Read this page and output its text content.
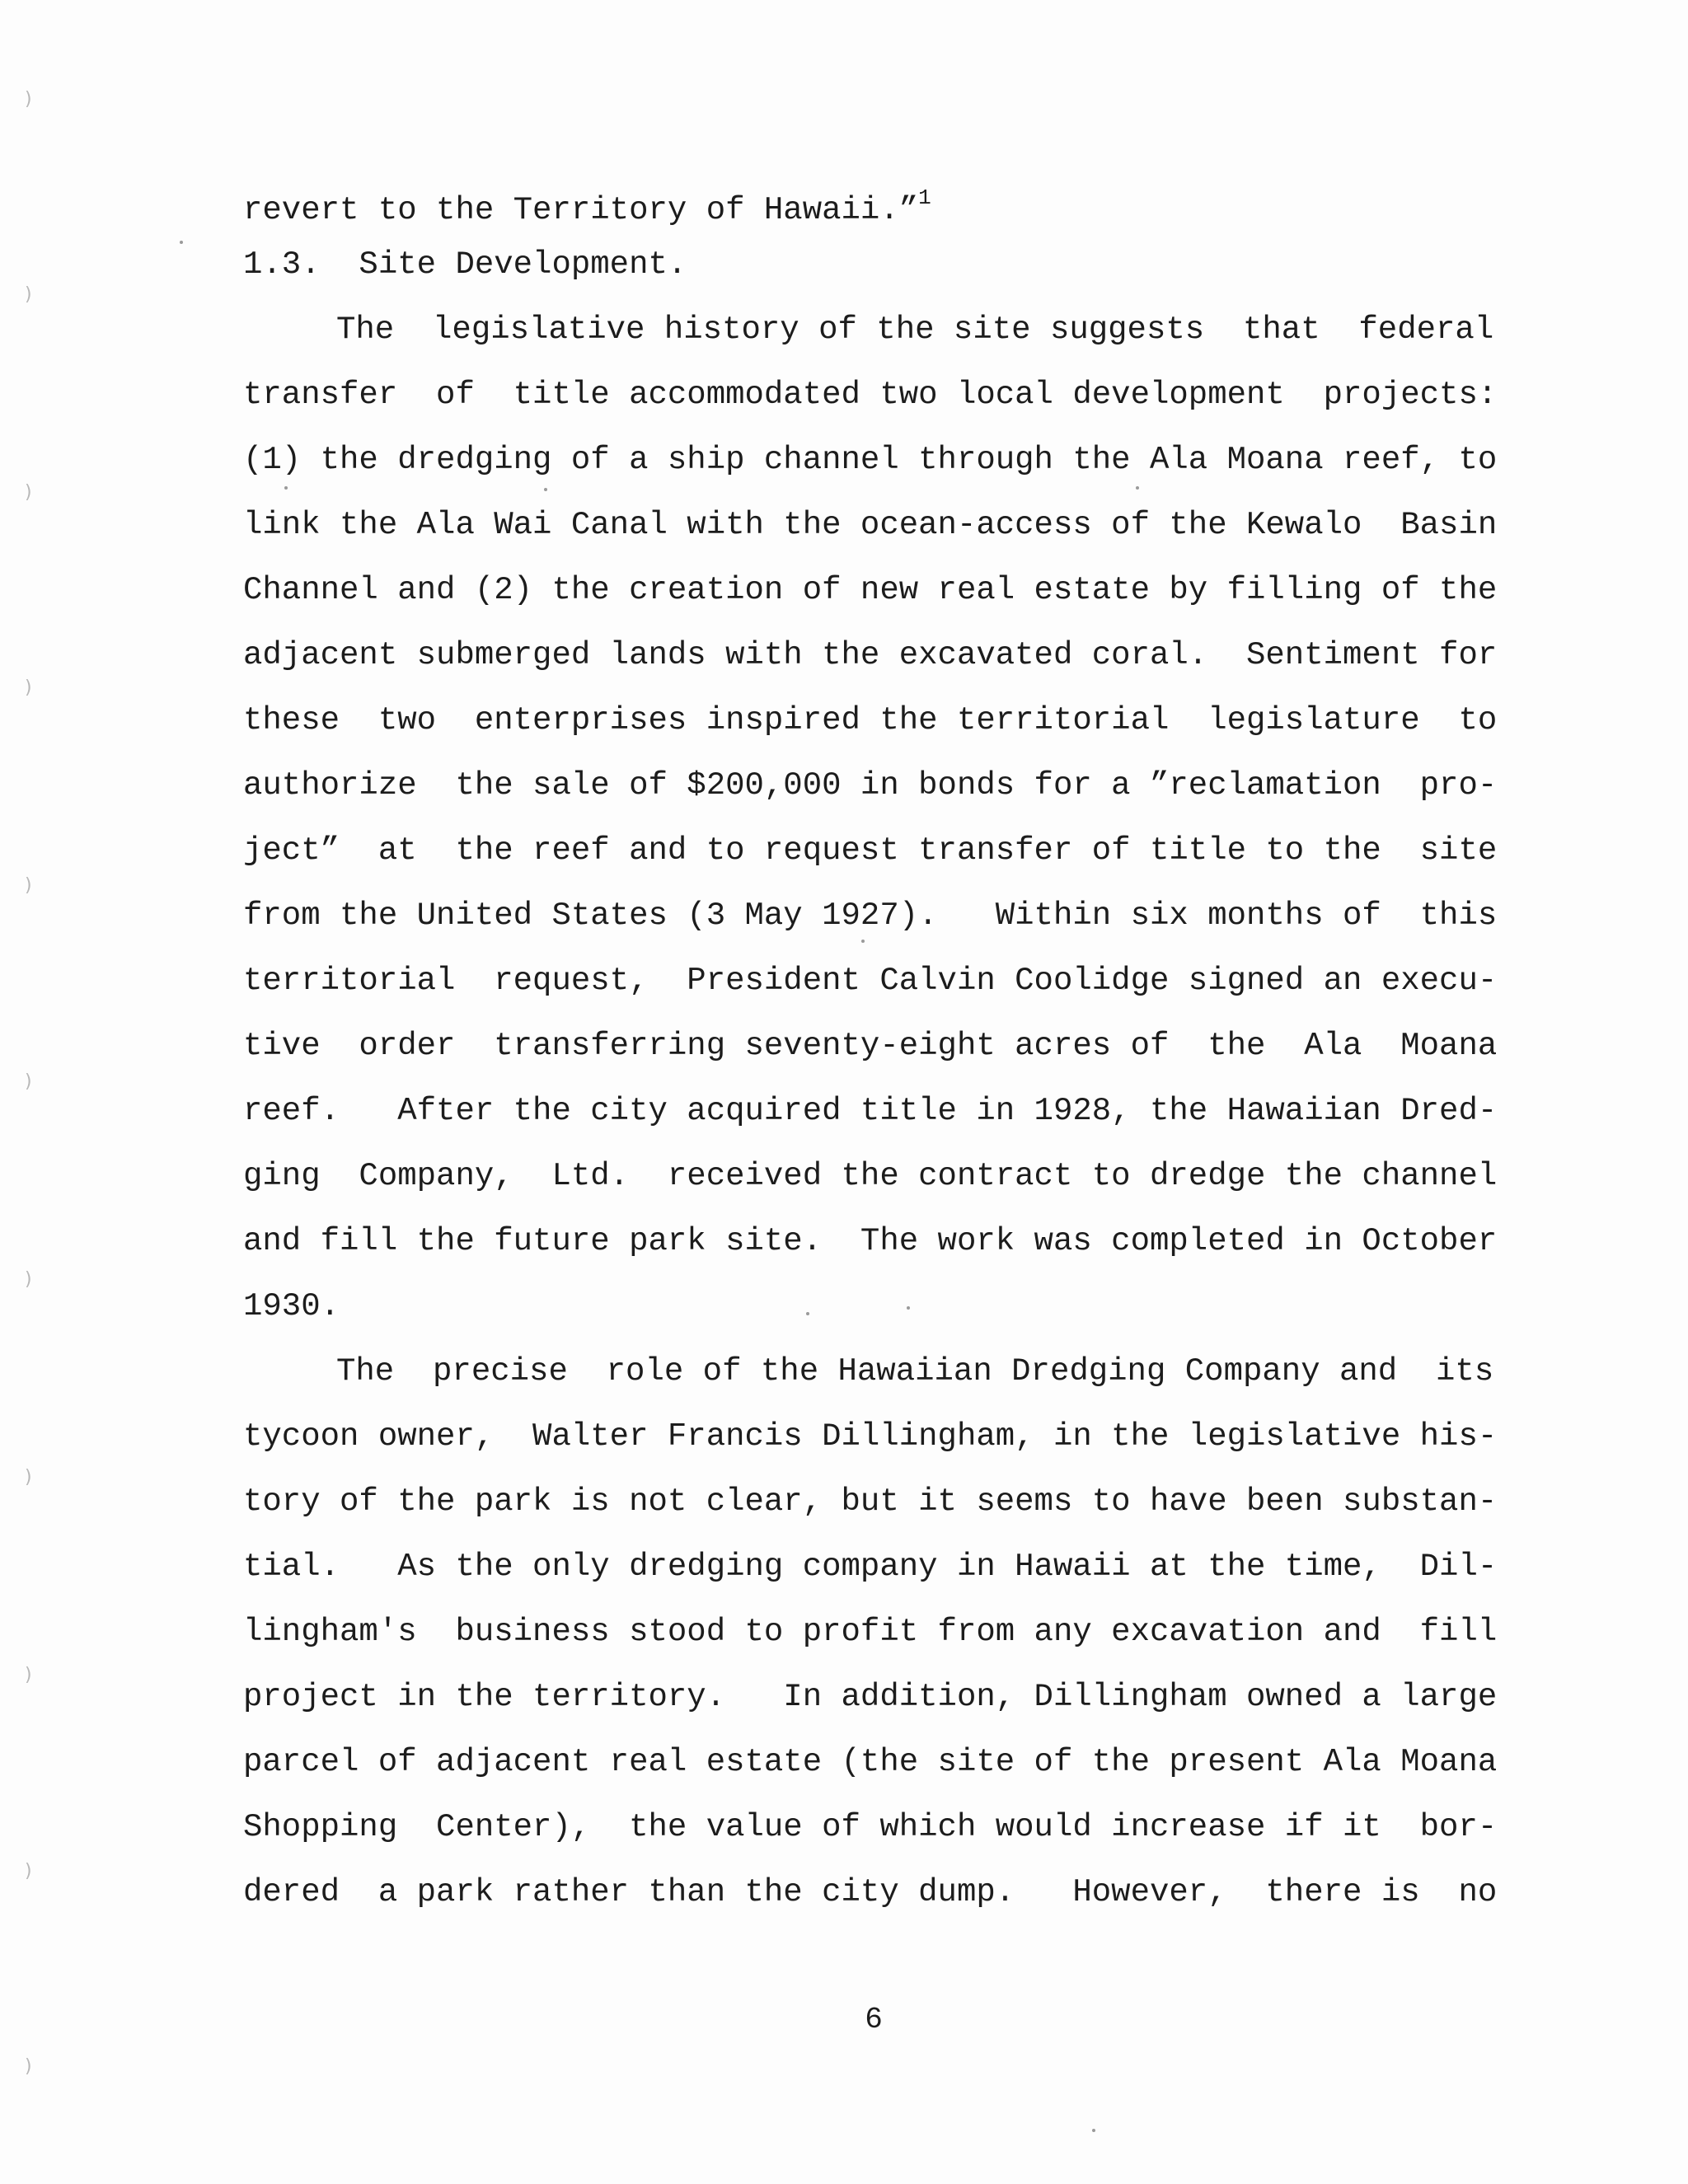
)
)
)
)
)
)
)
)
)
)
)
revert to the Territory of Hawaii.”$^1$
1.3.  Site Development.
The  legislative history of the site suggests  that  federal
transfer  of  title accommodated two local development  projects:
(1) the dredging of a ship channel through the Ala Moana reef, to
link the Ala Wai Canal with the ocean-access of the Kewalo  Basin
Channel and (2) the creation of new real estate by filling of the
adjacent submerged lands with the excavated coral.  Sentiment for
these  two  enterprises inspired the territorial  legislature  to
authorize  the sale of $200,000 in bonds for a ”reclamation  pro-
ject”  at  the reef and to request transfer of title to the  site
from the United States (3 May 1927).   Within six months of  this
territorial  request,  President Calvin Coolidge signed an execu-
tive  order  transferring seventy-eight acres of  the  Ala  Moana
reef.   After the city acquired title in 1928, the Hawaiian Dred-
ging  Company,  Ltd.  received the contract to dredge the channel
and fill the future park site.  The work was completed in October
1930.
The  precise  role of the Hawaiian Dredging Company and  its
tycoon owner,  Walter Francis Dillingham, in the legislative his-
tory of the park is not clear, but it seems to have been substan-
tial.   As the only dredging company in Hawaii at the time,  Dil-
lingham's  business stood to profit from any excavation and  fill
project in the territory.   In addition, Dillingham owned a large
parcel of adjacent real estate (the site of the present Ala Moana
Shopping  Center),  the value of which would increase if it  bor-
dered  a park rather than the city dump.   However,  there is  no
6
